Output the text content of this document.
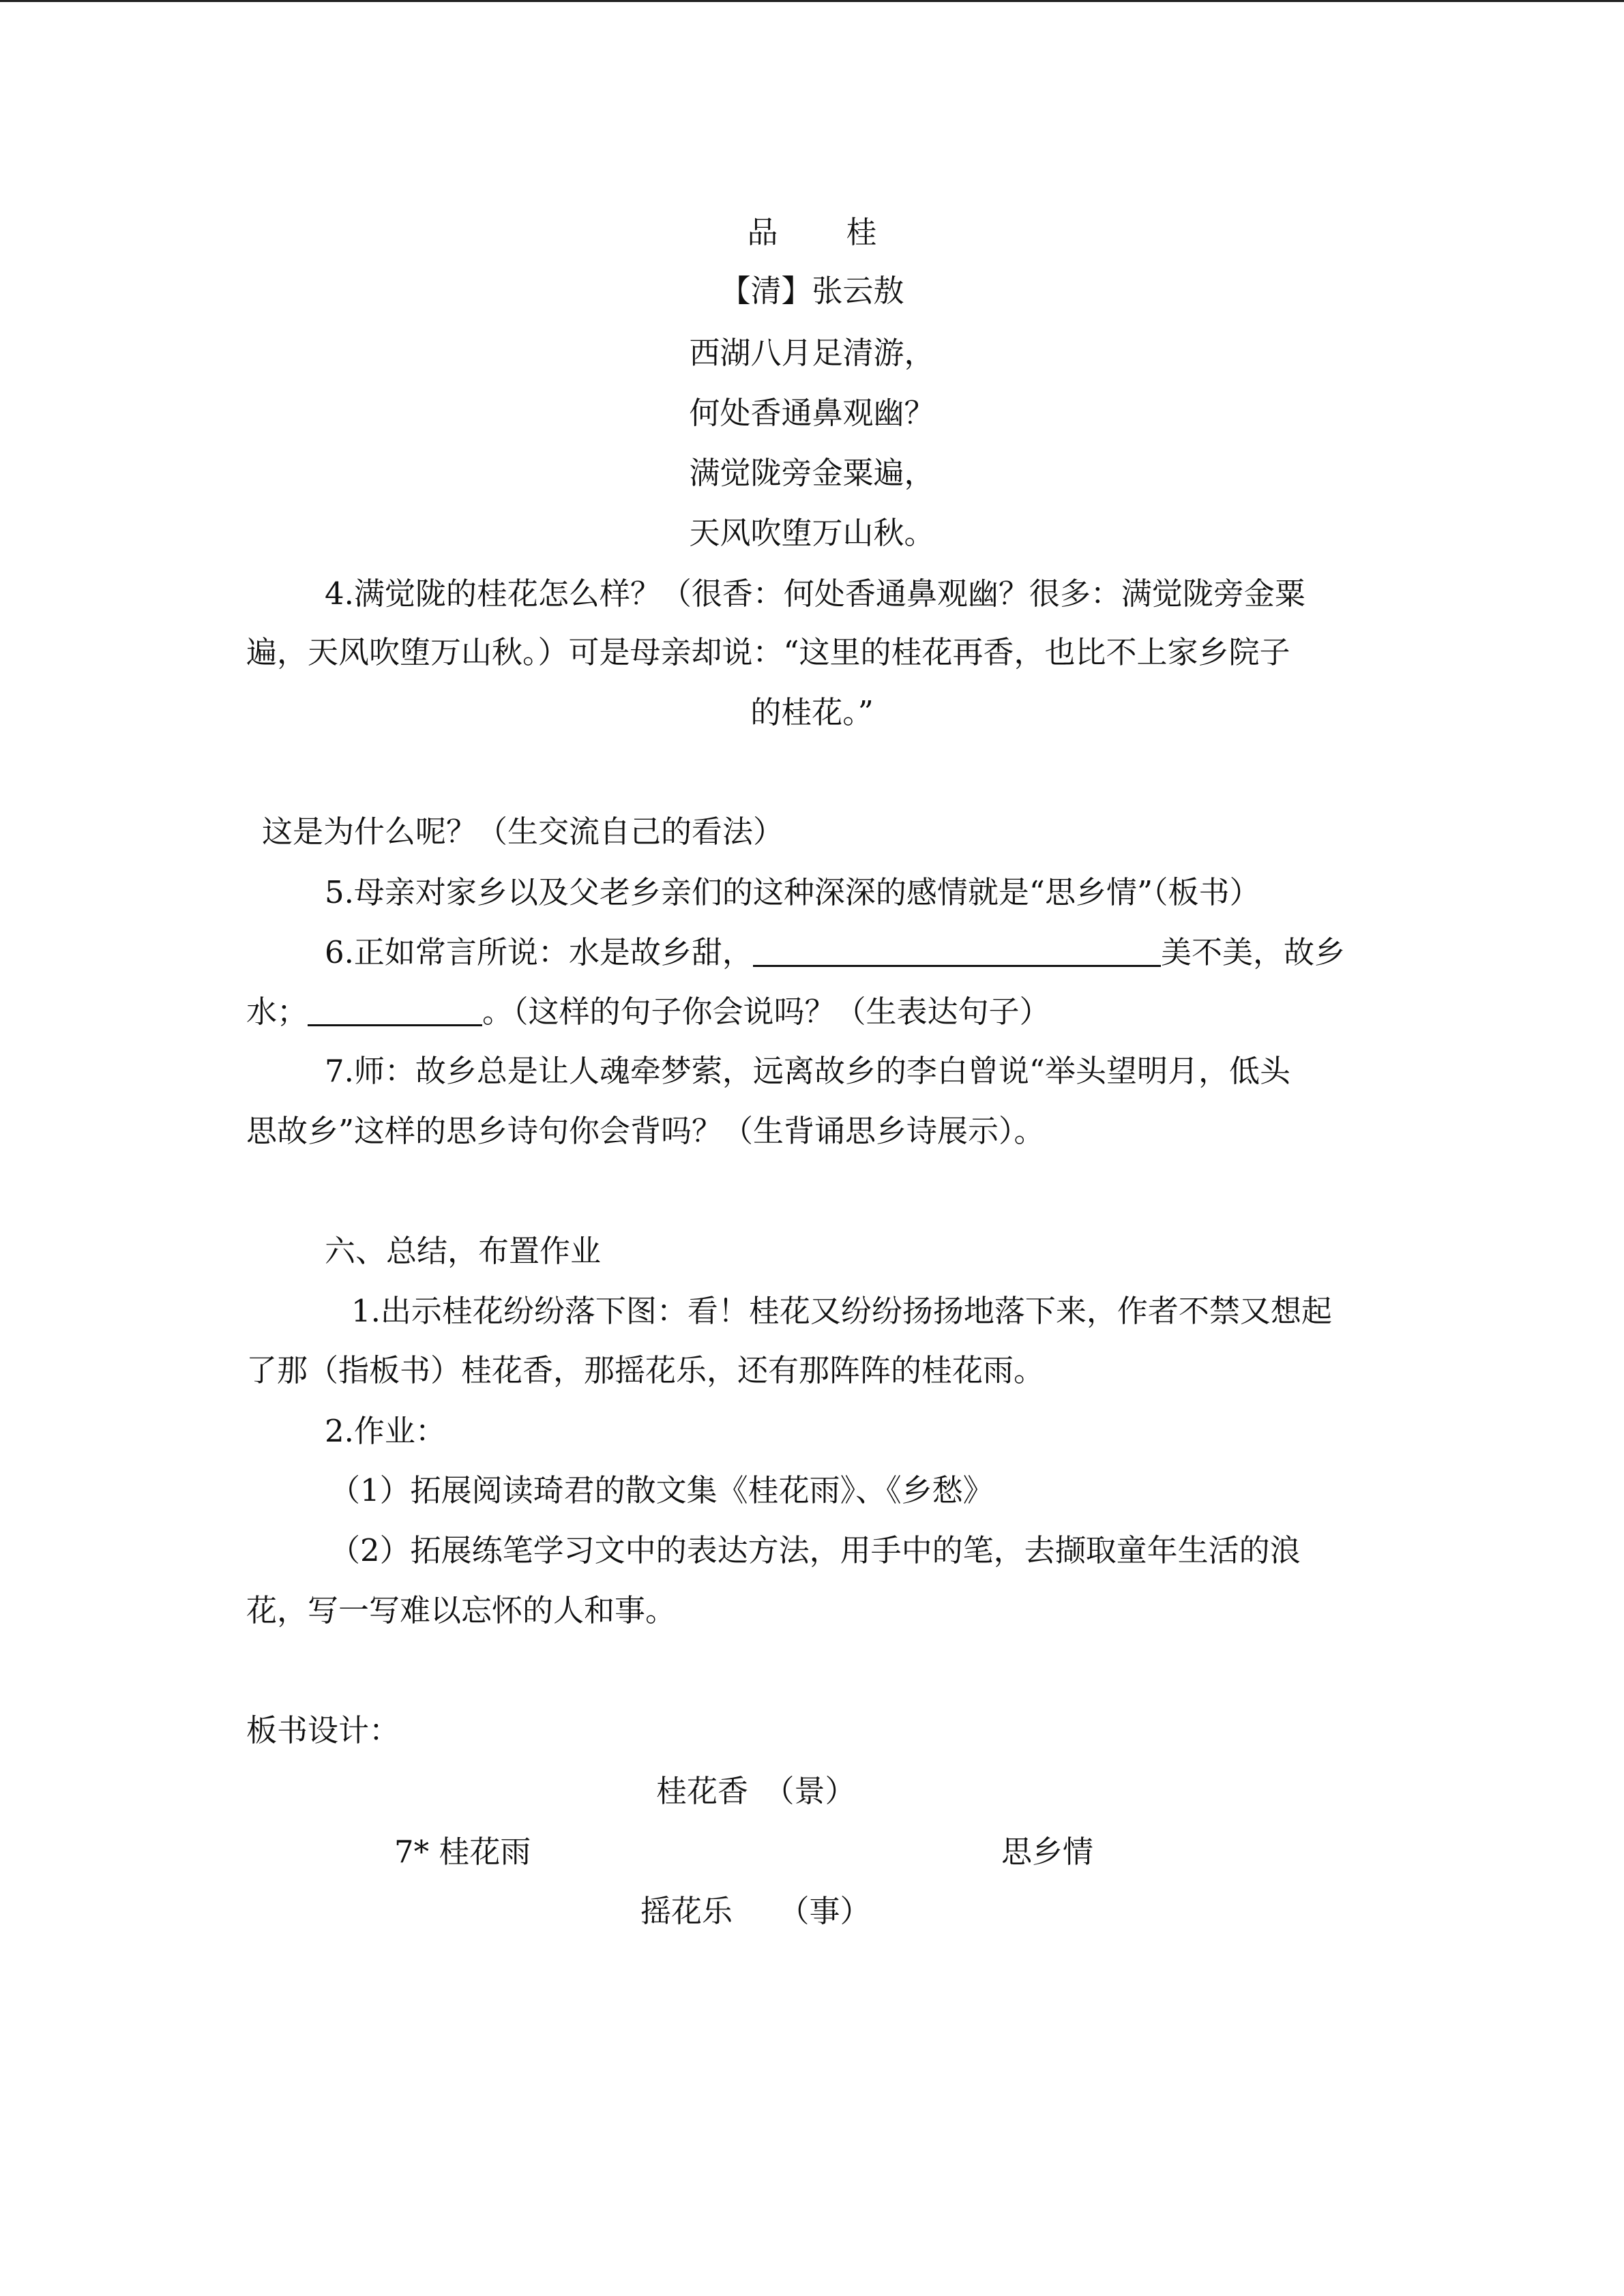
品 桂
【清】张云敖
西湖八月足清游，
何处香通鼻观幽？
满觉陇旁金粟遍，
天风吹堕万山秋。
4.满觉陇的桂花怎么样？（很香：何处香通鼻观幽？很多：满觉陇旁金粟
遍，天风吹堕万山秋。）可是母亲却说：“这里的桂花再香，也比不上家乡院子
的桂花。”
这是为什么呢？（生交流自己的看法）
5.母亲对家乡以及父老乡亲们的这种深深的感情就是“思乡情”（板书）
6.正如常言所说：水是故乡甜，	美不美，故乡
水；	。（这样的句子你会说吗？（生表达句子）
7.师：故乡总是让人魂牵梦萦，远离故乡的李白曾说“举头望明月，低头
思故乡”这样的思乡诗句你会背吗？（生背诵思乡诗展示）。
六、总结，布置作业
1.出示桂花纷纷落下图：看！桂花又纷纷扬扬地落下来，作者不禁又想起
了那（指板书）桂花香，那摇花乐，还有那阵阵的桂花雨。
2.作业：
（1）拓展阅读琦君的散文集《桂花雨》、《乡愁》
（2）拓展练笔学习文中的表达方法，用手中的笔，去撷取童年生活的浪
花，写一写难以忘怀的人和事。
板书设计：
桂花香　（景）
7* 桂花雨	思乡情
摇花乐　　（事）
